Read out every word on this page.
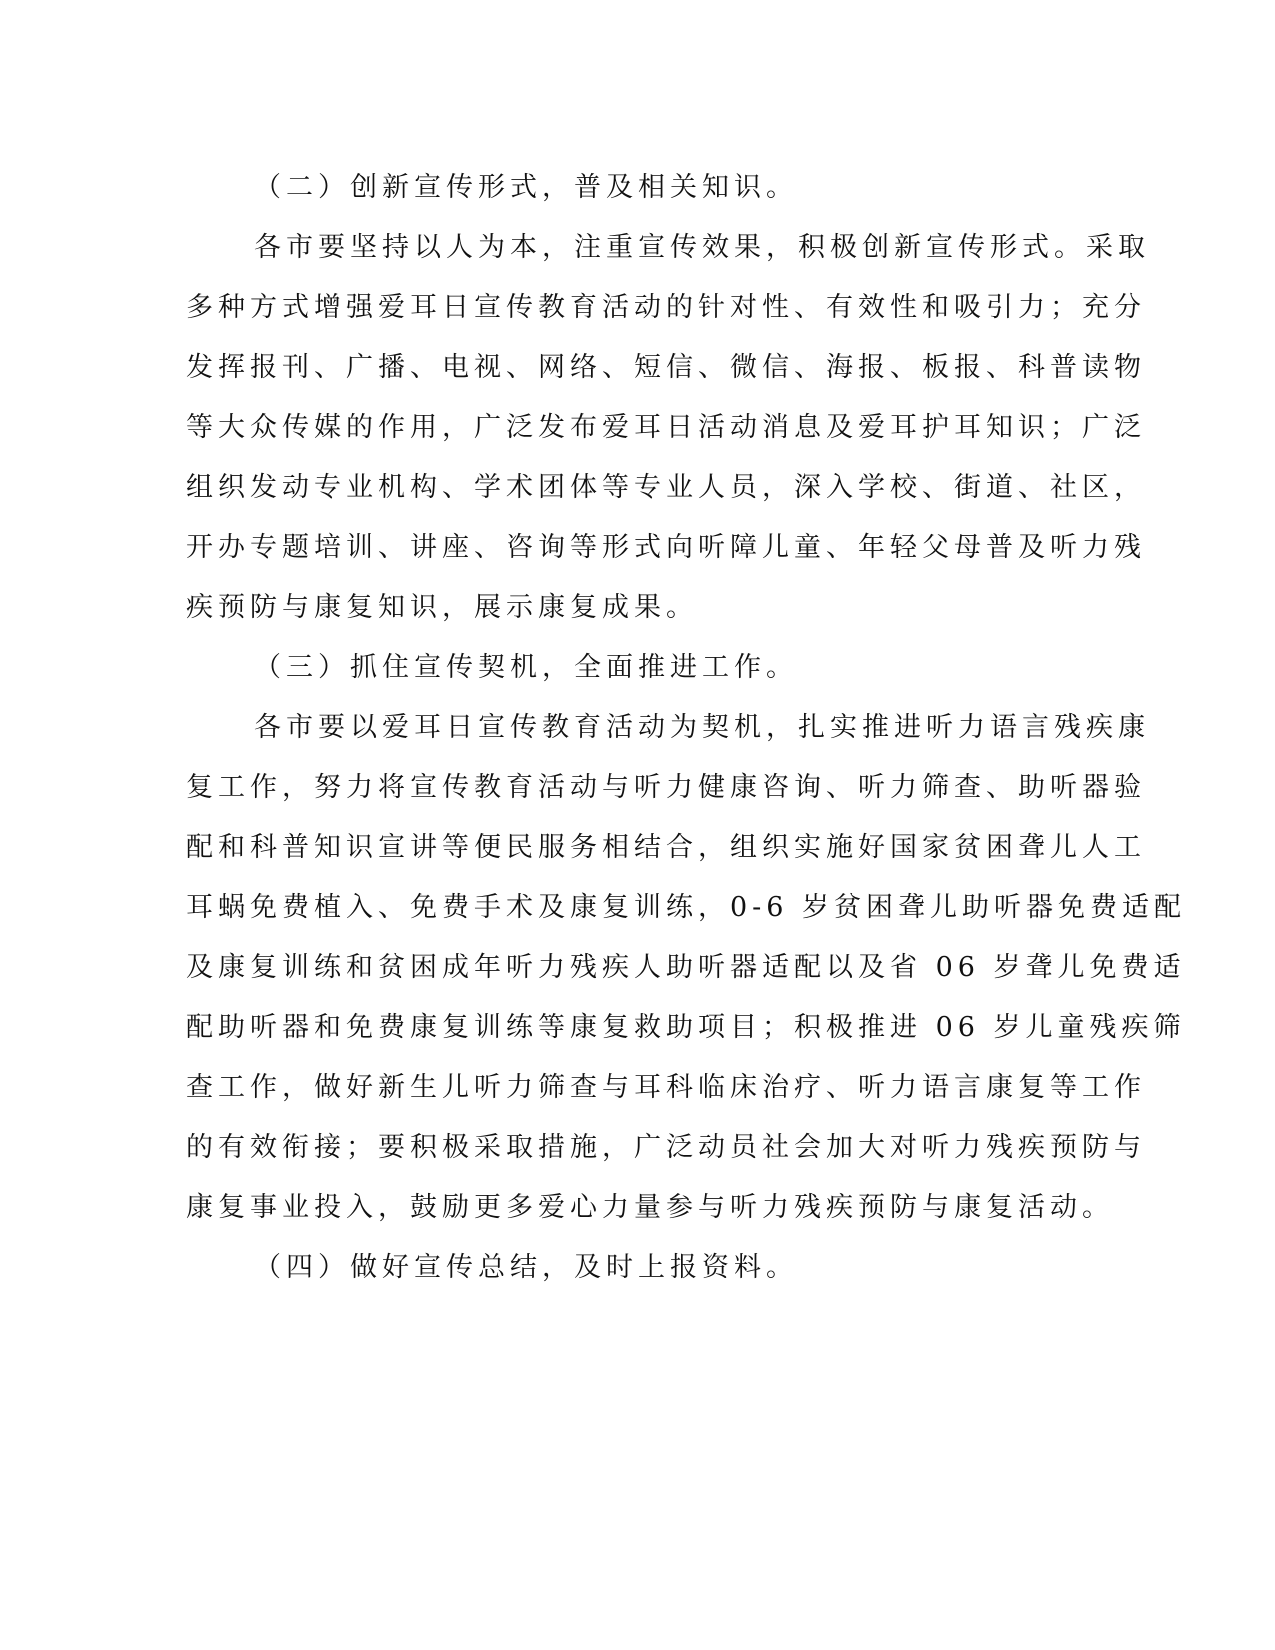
（二）创新宣传形式，普及相关知识。

各市要坚持以人为本，注重宣传效果，积极创新宣传形式。采取

多种方式增强爱耳日宣传教育活动的针对性、有效性和吸引力；充分

发挥报刊、广播、电视、网络、短信、微信、海报、板报、科普读物

等大众传媒的作用，广泛发布爱耳日活动消息及爱耳护耳知识；广泛

组织发动专业机构、学术团体等专业人员，深入学校、街道、社区，

开办专题培训、讲座、咨询等形式向听障儿童、年轻父母普及听力残

疾预防与康复知识，展示康复成果。

（三）抓住宣传契机，全面推进工作。

各市要以爱耳日宣传教育活动为契机，扎实推进听力语言残疾康

复工作，努力将宣传教育活动与听力健康咨询、听力筛查、助听器验

配和科普知识宣讲等便民服务相结合，组织实施好国家贫困聋儿人工

耳蜗免费植入、免费手术及康复训练，0-6 岁贫困聋儿助听器免费适配

及康复训练和贫困成年听力残疾人助听器适配以及省 06 岁聋儿免费适

配助听器和免费康复训练等康复救助项目；积极推进 06 岁儿童残疾筛

查工作，做好新生儿听力筛查与耳科临床治疗、听力语言康复等工作

的有效衔接；要积极采取措施，广泛动员社会加大对听力残疾预防与

康复事业投入，鼓励更多爱心力量参与听力残疾预防与康复活动。

（四）做好宣传总结，及时上报资料。
